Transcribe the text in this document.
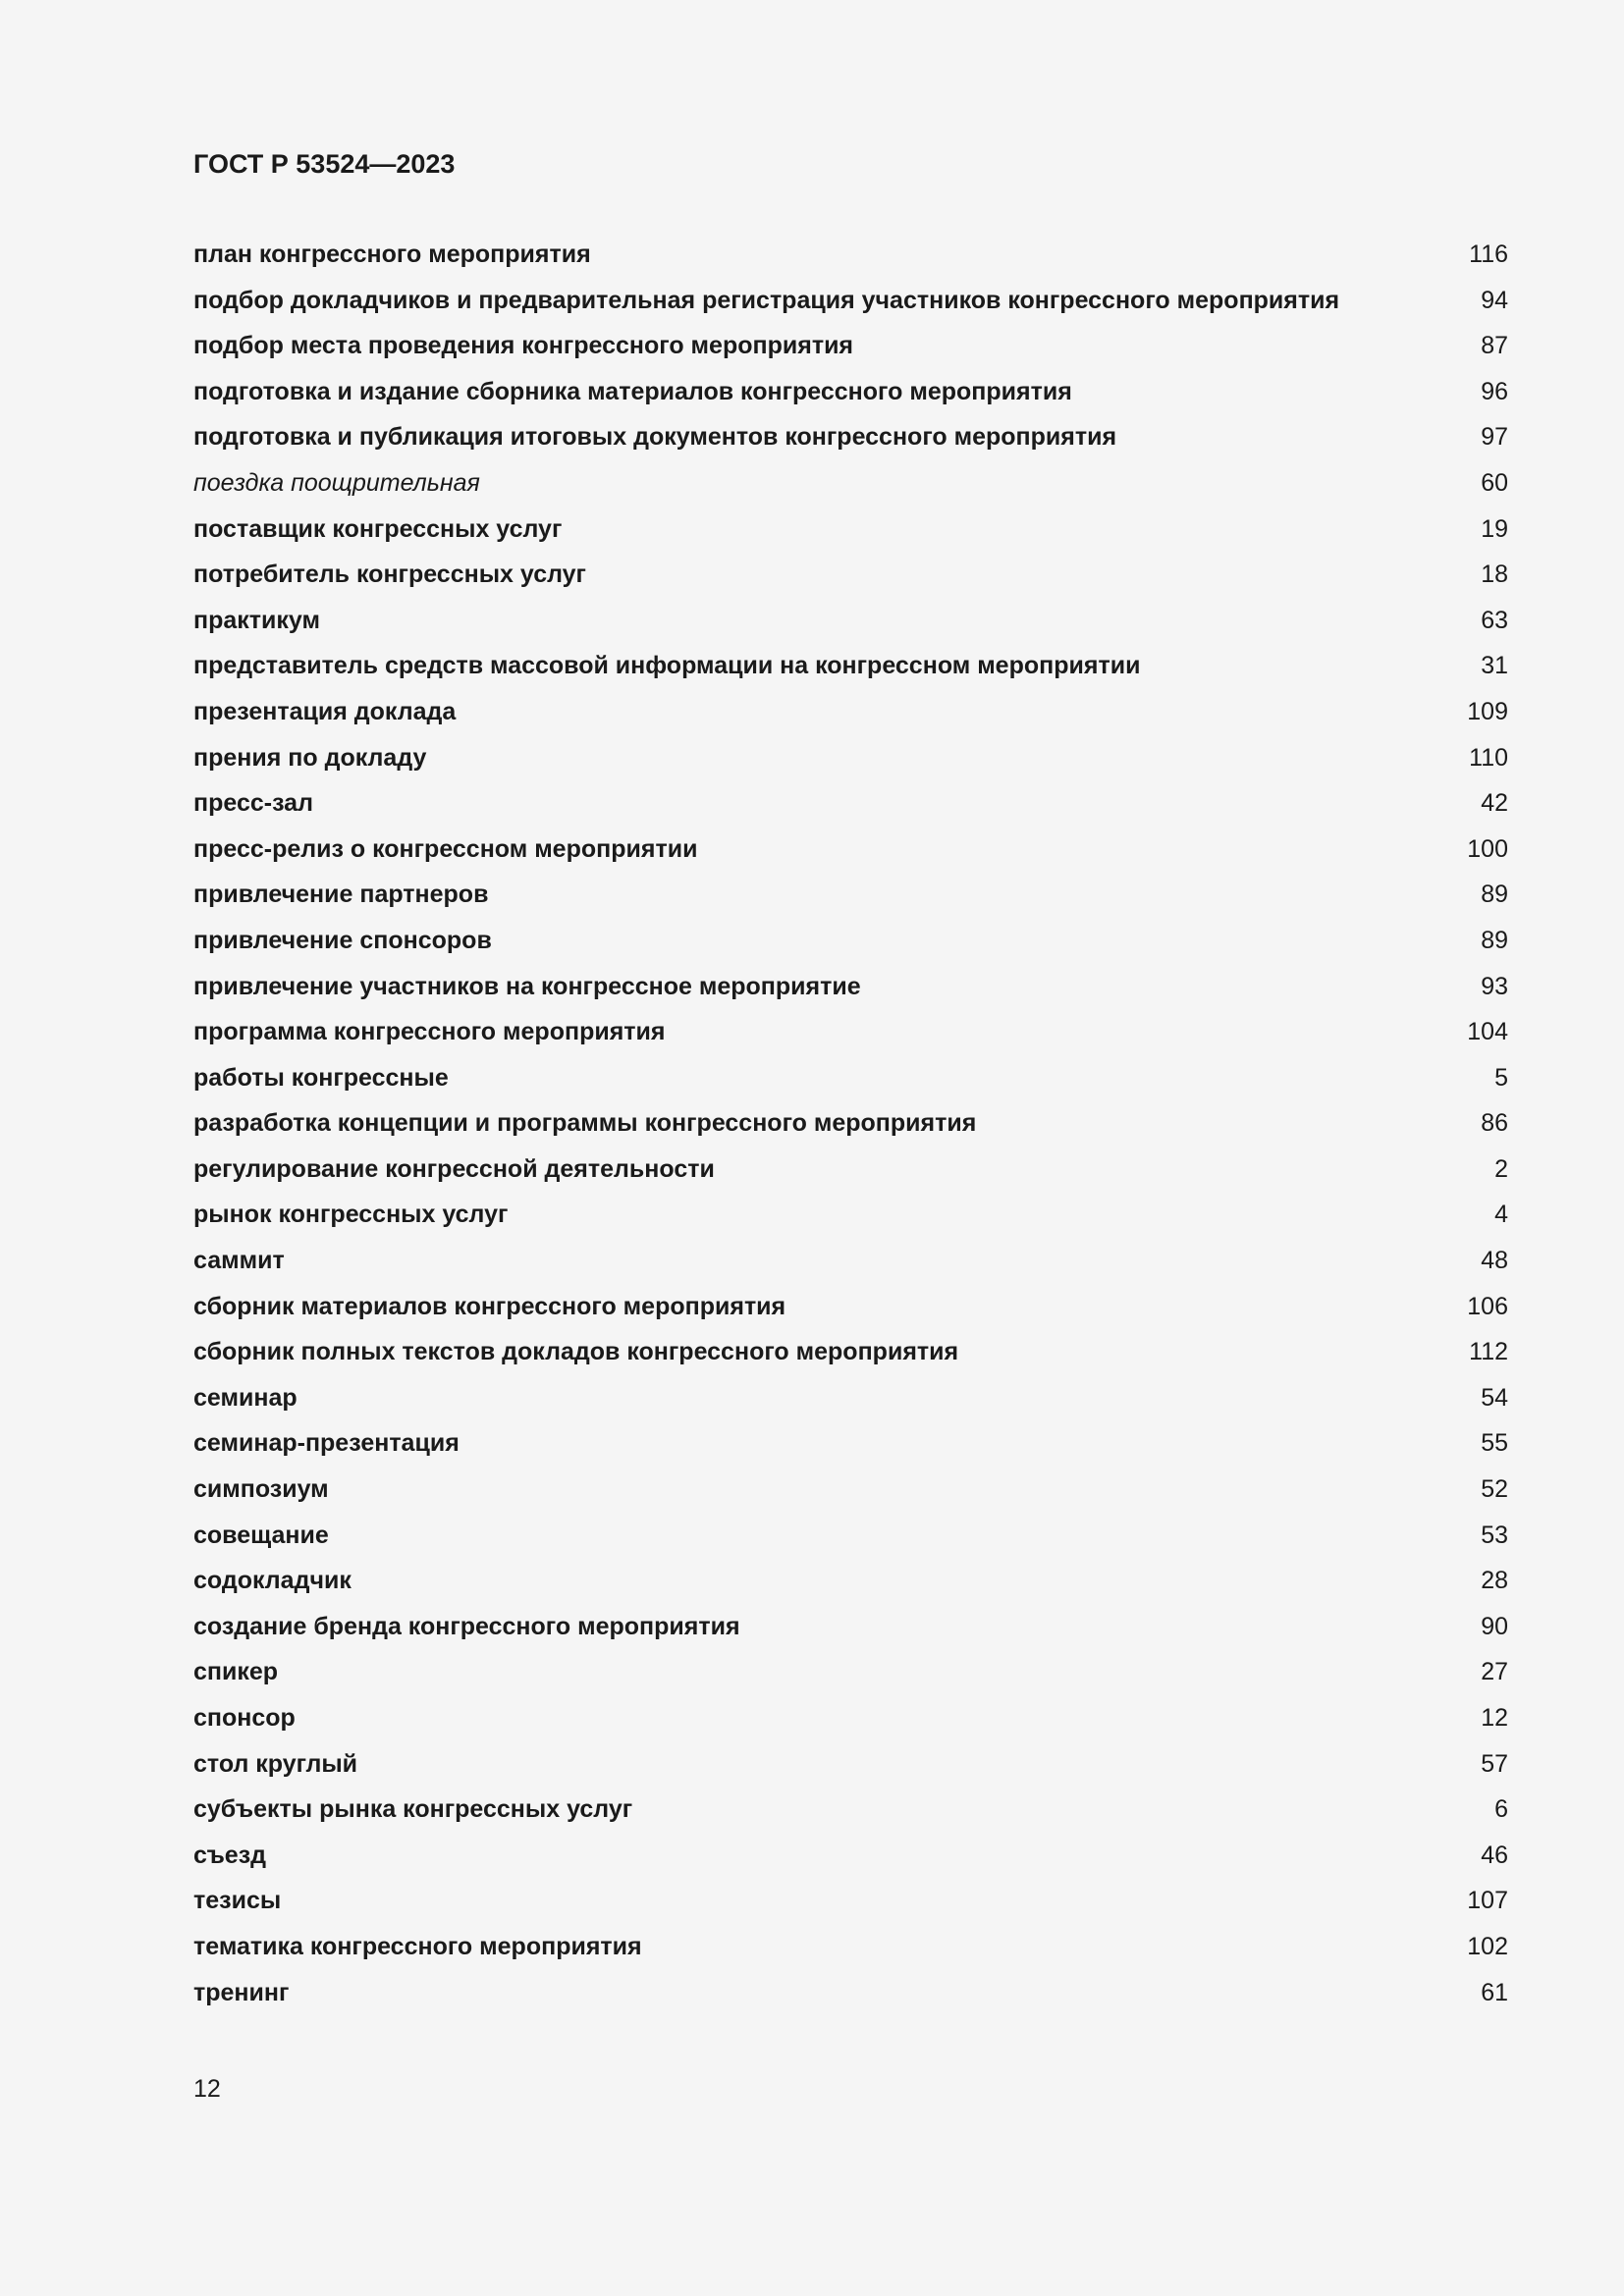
ГОСТ Р 53524—2023
план конгрессного мероприятия	116
подбор докладчиков и предварительная регистрация участников конгрессного мероприятия	94
подбор места проведения конгрессного мероприятия	87
подготовка и издание сборника материалов конгрессного мероприятия	96
подготовка и публикация итоговых документов конгрессного мероприятия	97
поездка поощрительная	60
поставщик конгрессных услуг	19
потребитель конгрессных услуг	18
практикум	63
представитель средств массовой информации на конгрессном мероприятии	31
презентация доклада	109
прения по докладу	110
пресс-зал	42
пресс-релиз о конгрессном мероприятии	100
привлечение партнеров	89
привлечение спонсоров	89
привлечение участников на конгрессное мероприятие	93
программа конгрессного мероприятия	104
работы конгрессные	5
разработка концепции и программы конгрессного мероприятия	86
регулирование конгрессной деятельности	2
рынок конгрессных услуг	4
саммит	48
сборник материалов конгрессного мероприятия	106
сборник полных текстов докладов конгрессного мероприятия	112
семинар	54
семинар-презентация	55
симпозиум	52
совещание	53
содокладчик	28
создание бренда конгрессного мероприятия	90
спикер	27
спонсор	12
стол круглый	57
субъекты рынка конгрессных услуг	6
съезд	46
тезисы	107
тематика конгрессного мероприятия	102
тренинг	61
12
